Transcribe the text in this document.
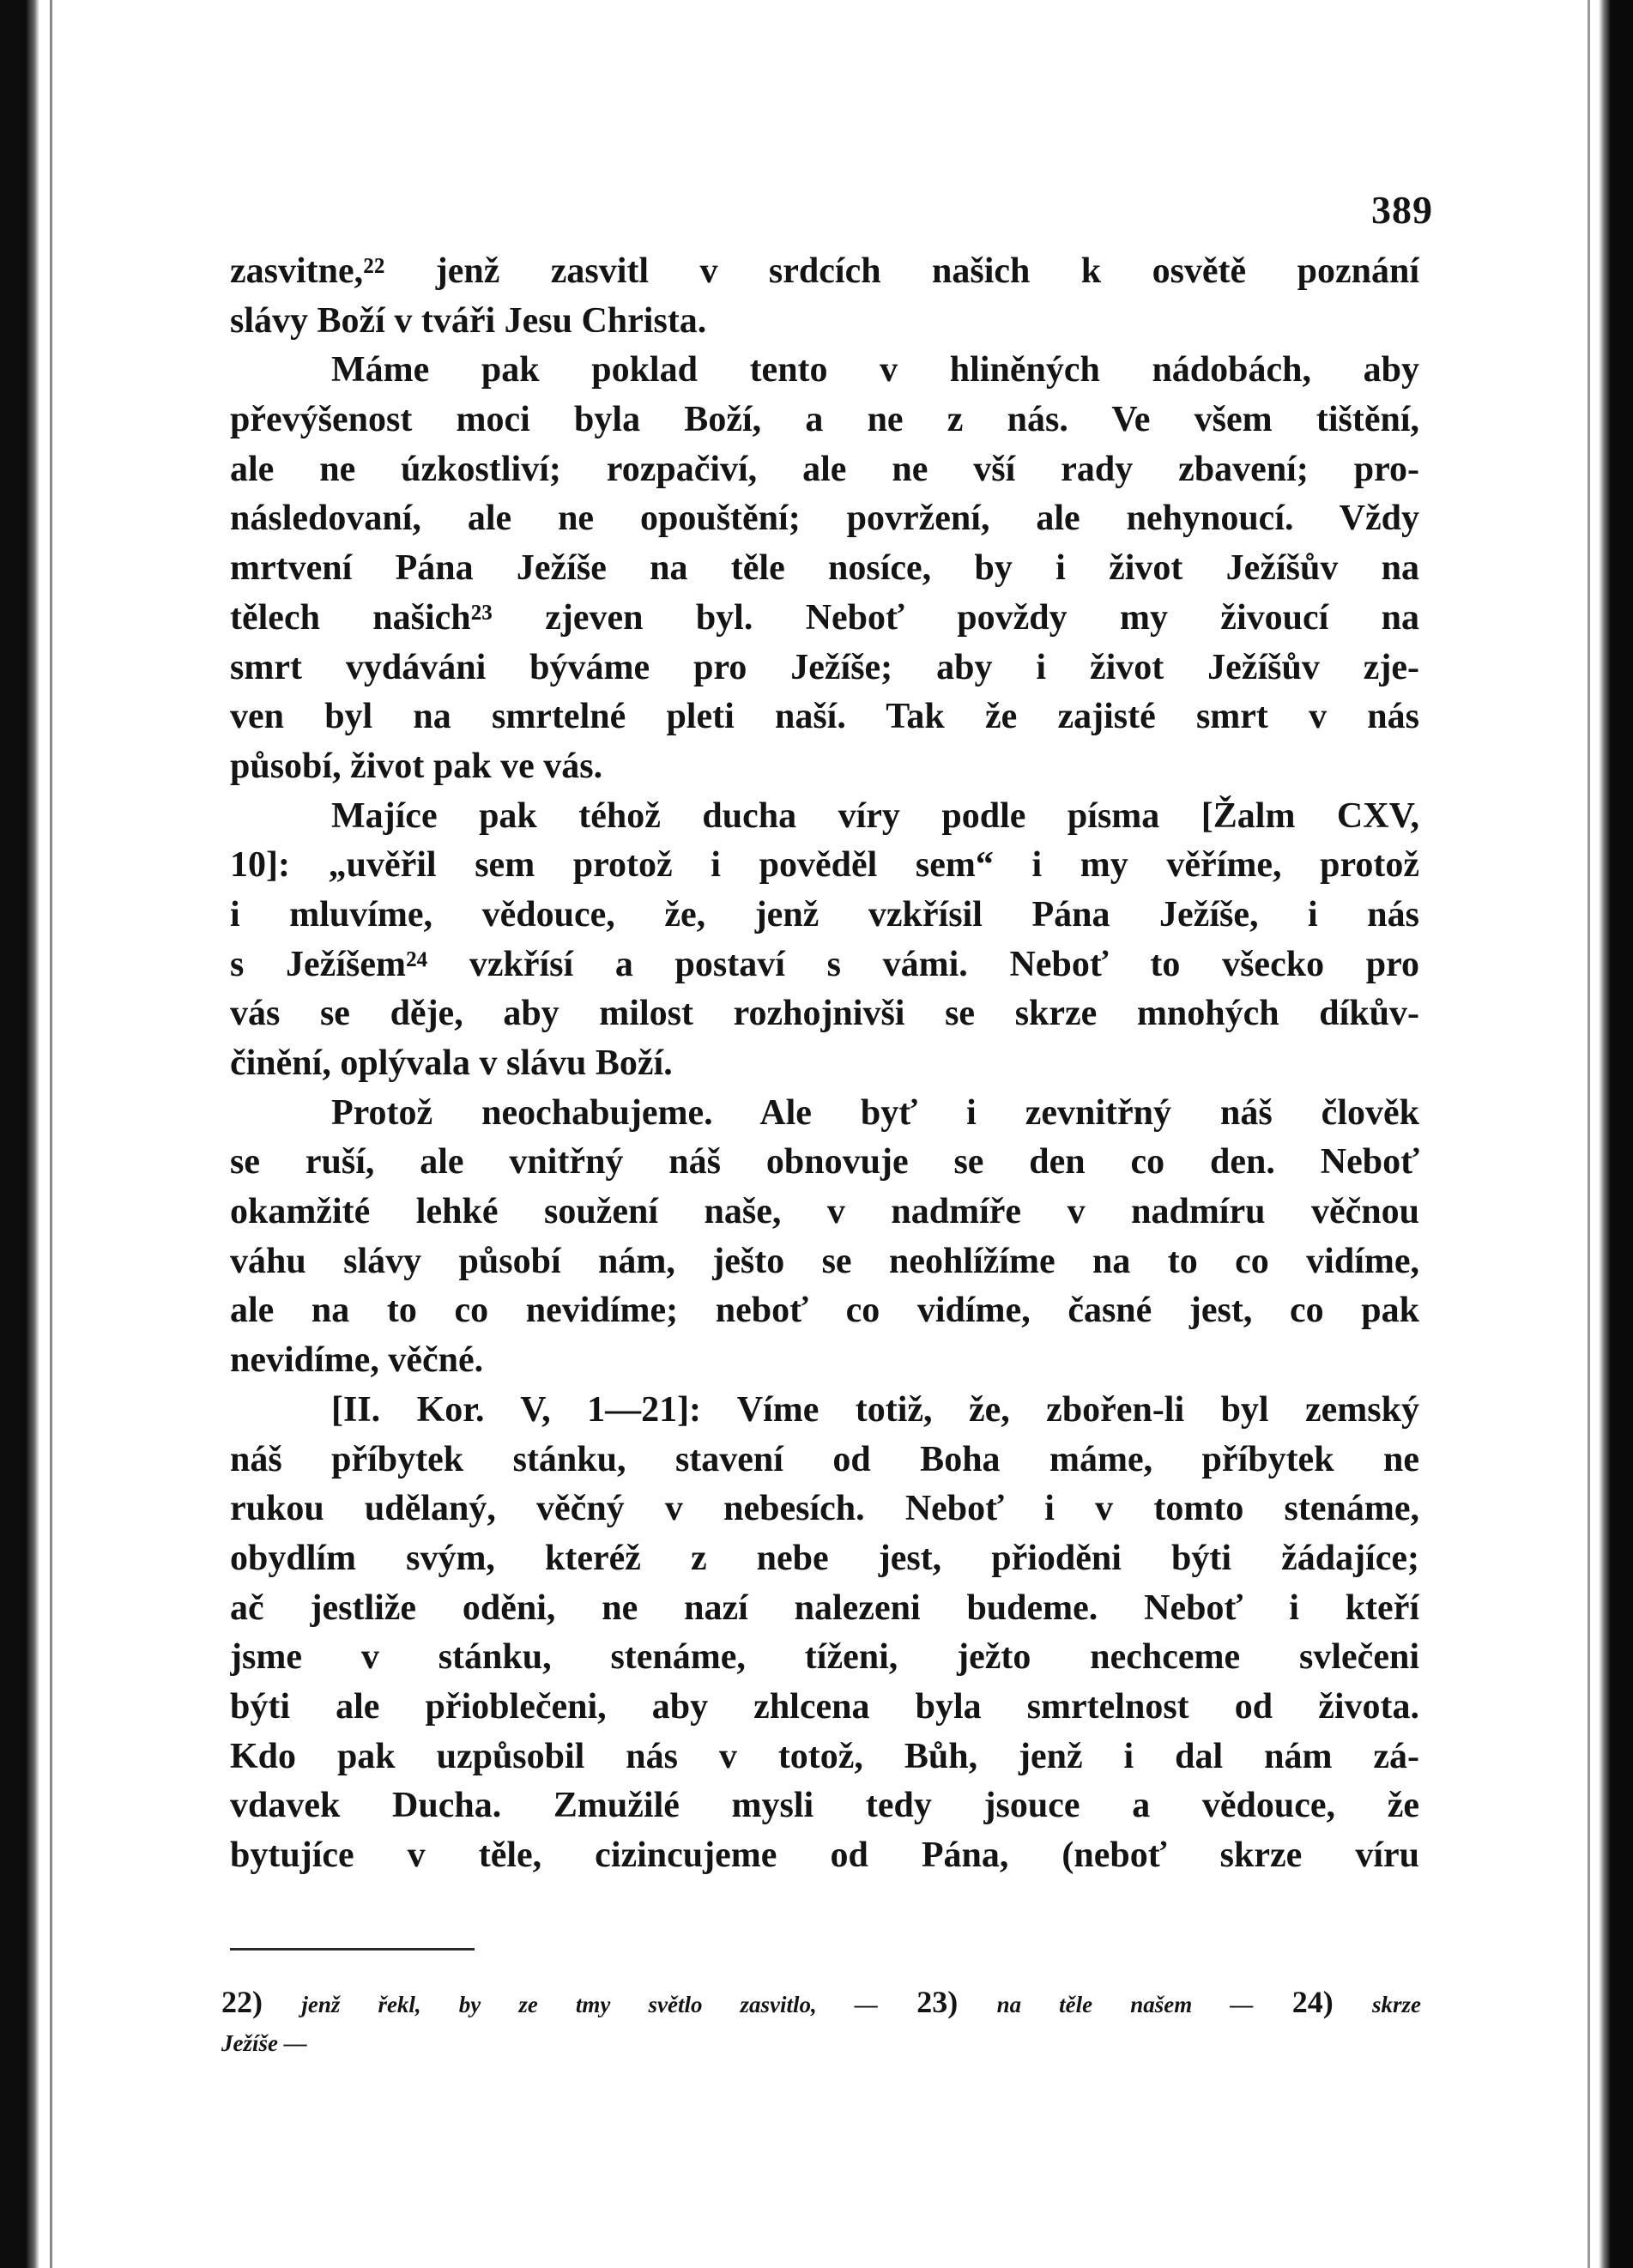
389
zasvitne,²² jenž zasvitl v srdcích našich k osvětě poznání
slávy Boží v tváři Jesu Christa.
Máme pak poklad tento v hliněných nádobách, aby
převýšenost moci byla Boží, a ne z nás. Ve všem tištění,
ale ne úzkostliví; rozpačiví, ale ne vší rady zbavení; pro-
následovaní, ale ne opouštění; povržení, ale nehynoucí. Vždy
mrtvení Pána Ježíše na těle nosíce, by i život Ježíšův na
tělech našich²³ zjeven byl. Neboť povždy my živoucí na
smrt vydáváni býváme pro Ježíše; aby i život Ježíšův zje-
ven byl na smrtelné pleti naší. Tak že zajisté smrt v nás
působí, život pak ve vás.
Majíce pak téhož ducha víry podle písma [Žalm CXV,
10]: „uvěřil sem protož i pověděl sem“ i my věříme, protož
i mluvíme, vědouce, že, jenž vzkřísil Pána Ježíše, i nás
s Ježíšem²⁴ vzkřísí a postaví s vámi. Neboť to všecko pro
vás se děje, aby milost rozhojnivši se skrze mnohých díkův-
činění, oplývala v slávu Boží.
Protož neochabujeme. Ale byť i zevnitřný náš člověk
se ruší, ale vnitřný náš obnovuje se den co den. Neboť
okamžité lehké soužení naše, v nadmíře v nadmíru věčnou
váhu slávy působí nám, ješto se neohlížíme na to co vidíme,
ale na to co nevidíme; neboť co vidíme, časné jest, co pak
nevidíme, věčné.
[II. Kor. V, 1—21]: Víme totiž, že, zbořen-li byl zemský
náš příbytek stánku, stavení od Boha máme, příbytek ne
rukou udělaný, věčný v nebesích. Neboť i v tomto stenáme,
obydlím svým, kteréž z nebe jest, přioděni býti žádajíce;
ač jestliže oděni, ne nazí nalezeni budeme. Neboť i kteří
jsme v stánku, stenáme, tíženi, ježto nechceme svlečeni
býti ale přioblečeni, aby zhlcena byla smrtelnost od života.
Kdo pak uzpůsobil nás v totož, Bůh, jenž i dal nám zá-
vdavek Ducha. Zmužilé mysli tedy jsouce a vědouce, že
bytujíce v těle, cizincujeme od Pána, (neboť skrze víru
22) jenž řekl, by ze tmy světlo zasvitlo, — 23) na těle našem — 24) skrze
Ježíše —
